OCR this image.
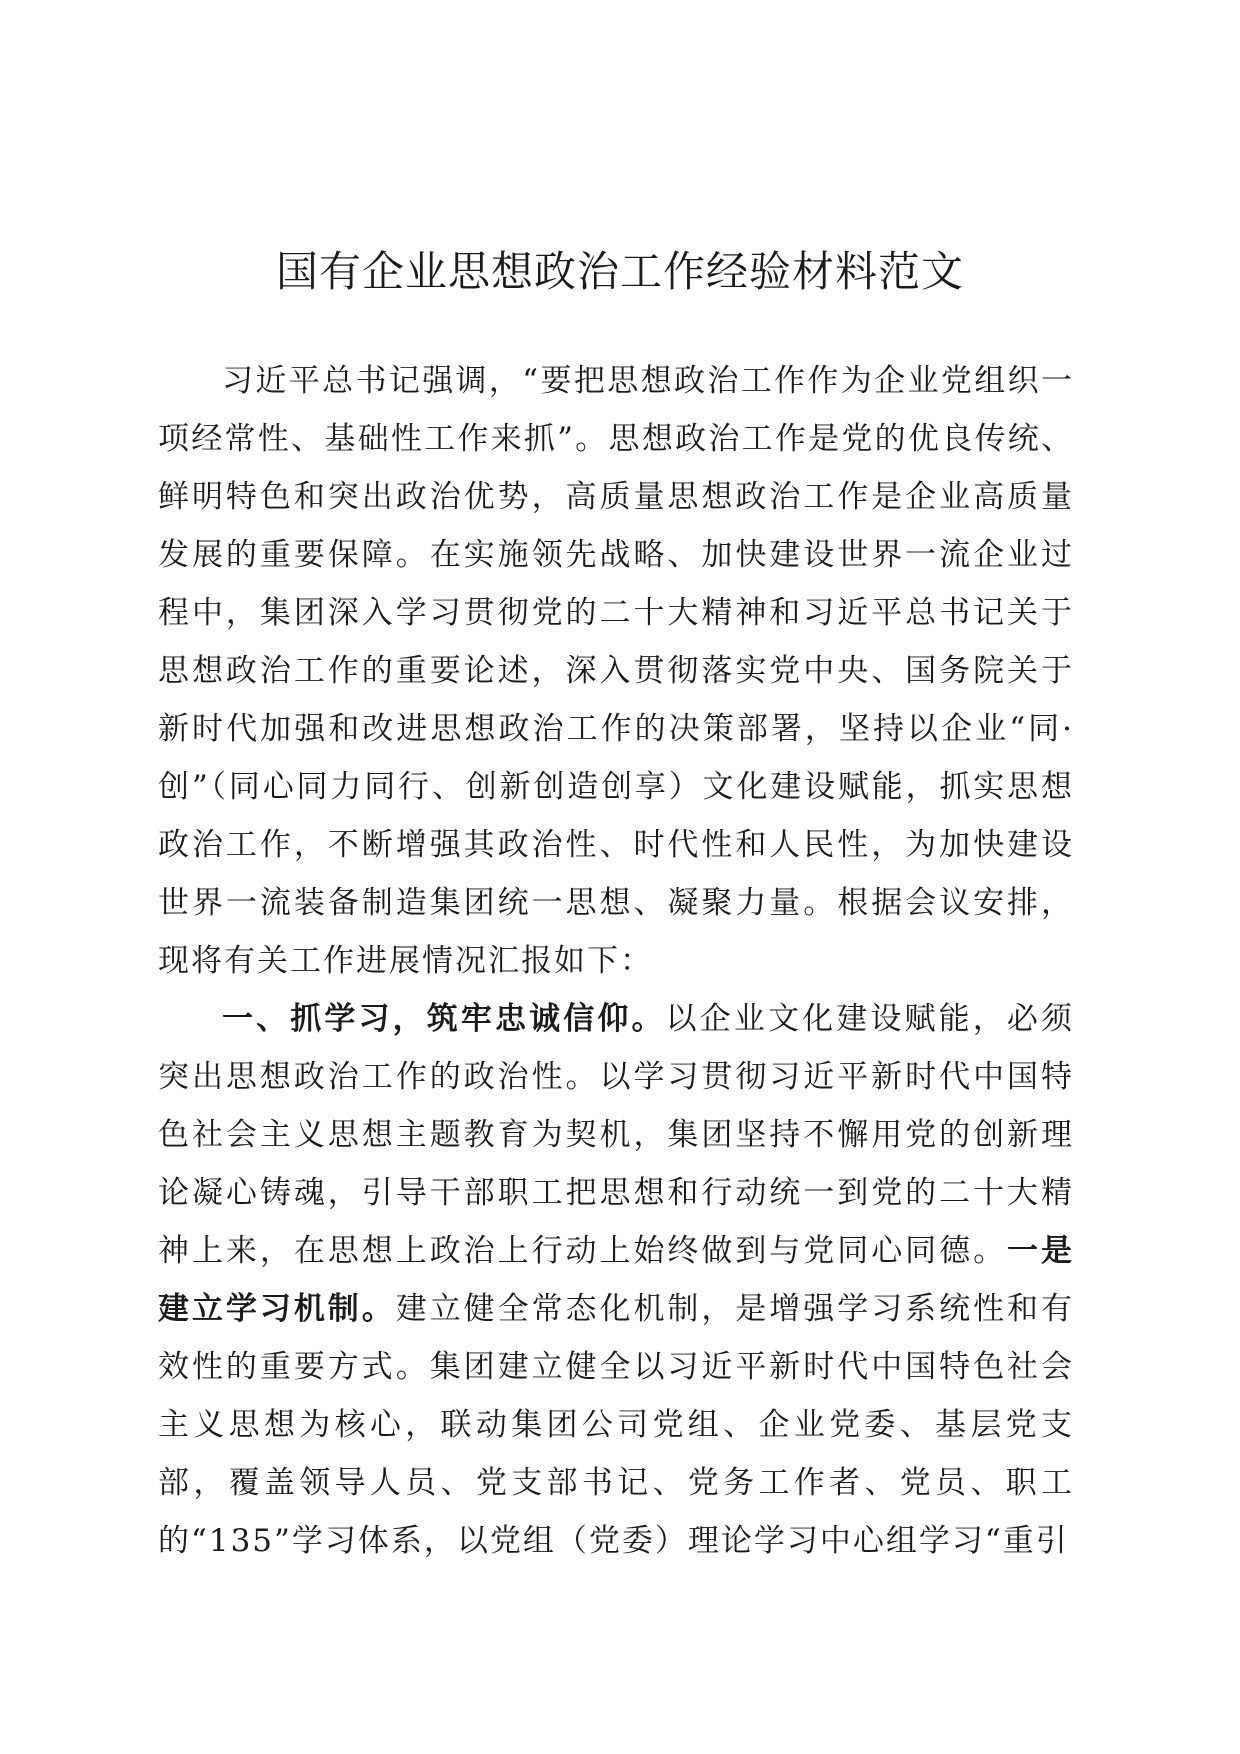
国有企业思想政治工作经验材料范文

习近平总书记强调，“要把思想政治工作作为企业党组织一项经常性、基础性工作来抓”。思想政治工作是党的优良传统、鲜明特色和突出政治优势，高质量思想政治工作是企业高质量发展的重要保障。在实施领先战略、加快建设世界一流企业过程中，集团深入学习贯彻党的二十大精神和习近平总书记关于思想政治工作的重要论述，深入贯彻落实党中央、国务院关于新时代加强和改进思想政治工作的决策部署，坚持以企业“同·创”（同心同力同行、创新创造创享）文化建设赋能，抓实思想政治工作，不断增强其政治性、时代性和人民性，为加快建设世界一流装备制造集团统一思想、凝聚力量。根据会议安排，现将有关工作进展情况汇报如下：

一、抓学习，筑牢忠诚信仰。以企业文化建设赋能，必须突出思想政治工作的政治性。以学习贯彻习近平新时代中国特色社会主义思想主题教育为契机，集团坚持不懈用党的创新理论凝心铸魂，引导干部职工把思想和行动统一到党的二十大精神上来，在思想上政治上行动上始终做到与党同心同德。一是建立学习机制。建立健全常态化机制，是增强学习系统性和有效性的重要方式。集团建立健全以习近平新时代中国特色社会主义思想为核心，联动集团公司党组、企业党委、基层党支部，覆盖领导人员、党支部书记、党务工作者、党员、职工的“135”学习体系，以党组（党委）理论学习中心组学习“重引
